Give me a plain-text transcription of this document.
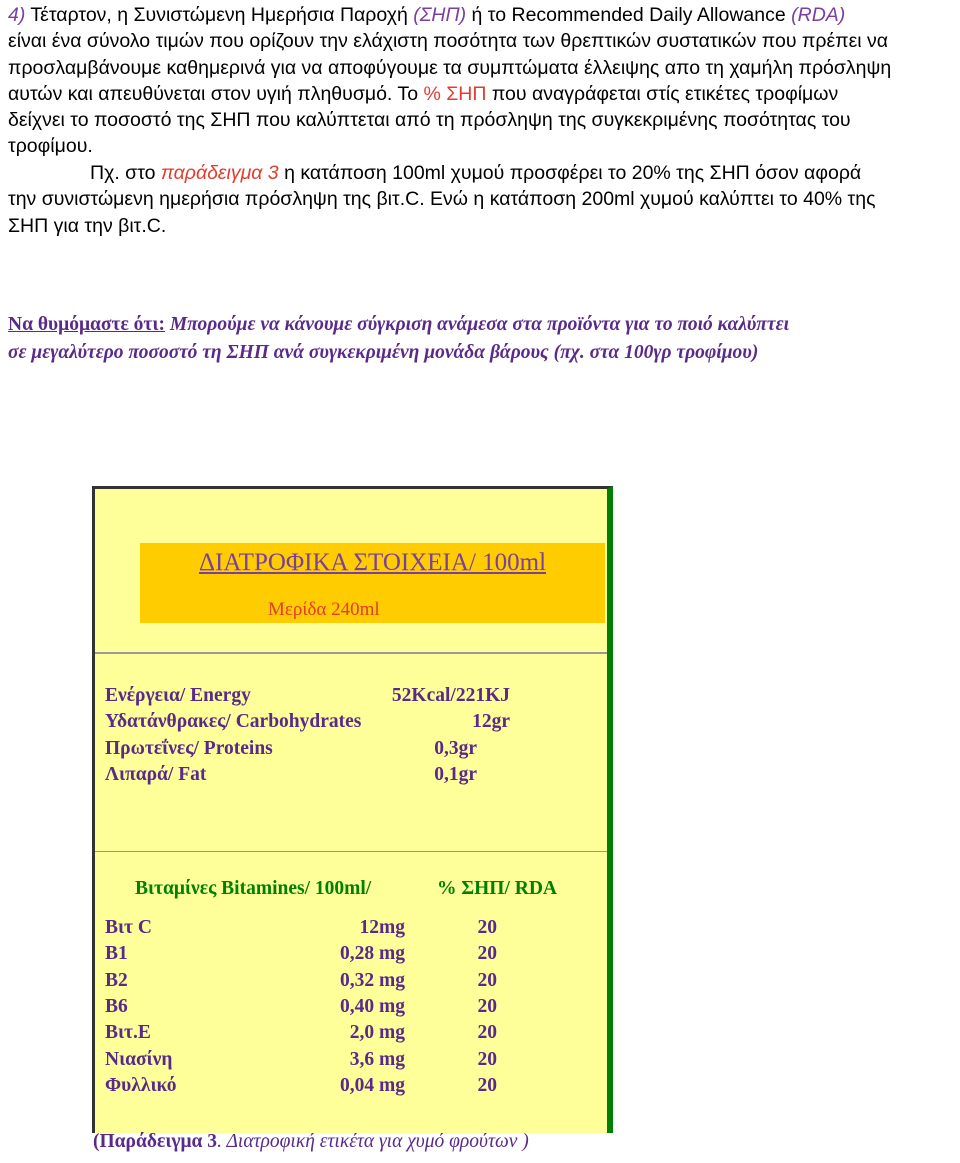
4) Τέταρτον, η Συνιστώμενη Ημερήσια Παροχή (ΣΗΠ) ή το Recommended Daily Allowance (RDA)
είναι ένα σύνολο τιμών που ορίζουν την ελάχιστη ποσότητα των θρεπτικών συστατικών που πρέπει να
προσλαμβάνουμε καθημερινά για να αποφύγουμε τα συμπτώματα έλλειψης απο τη χαμήλη πρόσληψη
αυτών και απευθύνεται στον υγιή πληθυσμό. Το % ΣΗΠ που αναγράφεται στίς ετικέτες τροφίμων
δείχνει το ποσοστό της ΣΗΠ που καλύπτεται από τη πρόσληψη της συγκεκριμένης ποσότητας του
τροφίμου.
Πχ. στο παράδειγμα 3 η κατάποση 100ml χυμού προσφέρει το 20% της ΣΗΠ όσον αφορά
την συνιστώμενη ημερήσια πρόσληψη της βιτ.C. Ενώ η κατάποση 200ml χυμού καλύπτει το 40% της
ΣΗΠ για την βιτ.C.
Να θυμόμαστε ότι: Μπορούμε να κάνουμε σύγκριση ανάμεσα στα προϊόντα για το ποιό καλύπτει
σε μεγαλύτερο ποσοστό τη ΣΗΠ ανά συγκεκριμένη μονάδα βάρους (πχ. στα 100γρ τροφίμου)
ΔΙΑΤΡΟΦΙΚΑ ΣΤΟΙΧΕΙΑ/ 100ml
Μερίδα 240ml
Ενέργεια/ Energy	52Kcal/221KJ
Υδατάνθρακες/ Carbohydrates	12gr
Πρωτεΐνες/ Proteins	0,3gr
Λιπαρά/ Fat	0,1gr
Βιταμίνες Bitamines/ 100ml/	% ΣΗΠ/ RDA
Βιτ C	12mg	20
B1	0,28 mg	20
B2	0,32 mg	20
B6	0,40 mg	20
Βιτ.E	2,0 mg	20
Νιασίνη	3,6 mg	20
Φυλλικό	0,04 mg	20
(Παράδειγμα 3. Διατροφική ετικέτα για χυμό φρούτων )
